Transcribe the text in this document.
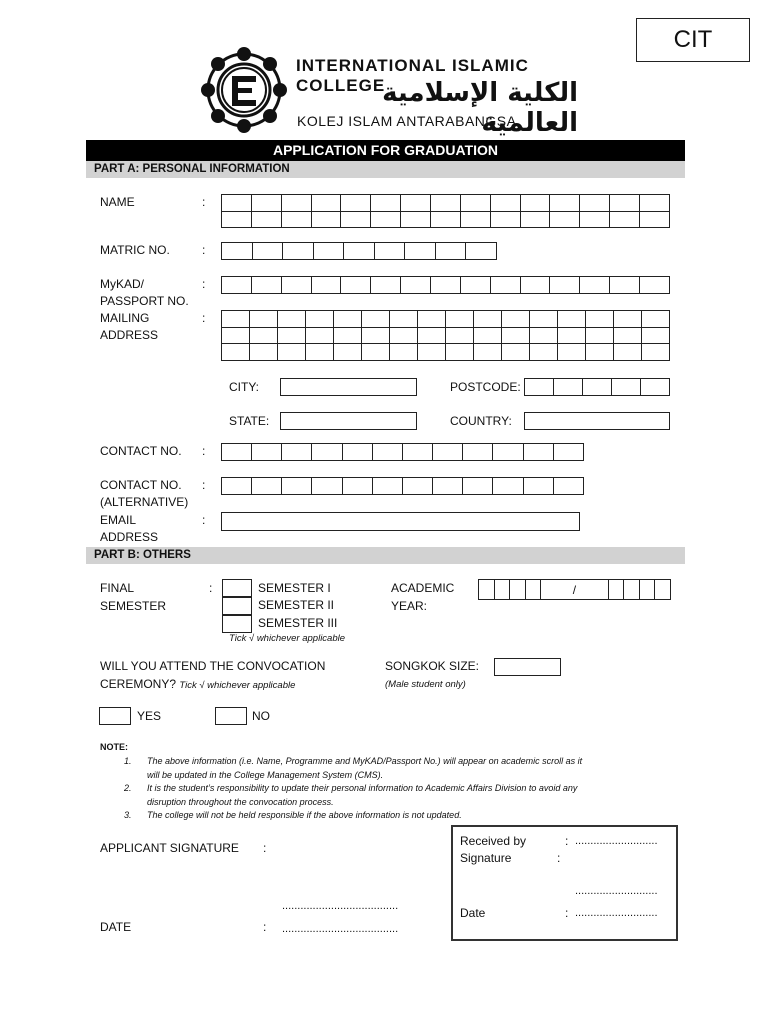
CIT
INTERNATIONAL ISLAMIC COLLEGE
الكلية الإسلامية العالمية
KOLEJ ISLAM ANTARABANGSA
APPLICATION FOR GRADUATION
PART A: PERSONAL INFORMATION
NAME	:

MATRIC NO.	:

MyKAD/
PASSPORT NO.
:

MAILING
ADDRESS
:

CITY:	POSTCODE:

STATE:	COUNTRY:
CONTACT NO. :

CONTACT NO.
(ALTERNATIVE)
:

EMAIL
ADDRESS
:
PART B: OTHERS
FINAL
SEMESTER
:	SEMESTER I
SEMESTER II
SEMESTER III
Tick √ whichever applicable
ACADEMIC
YEAR:
				/				
WILL YOU ATTEND THE CONVOCATION
CEREMONY? Tick √ whichever applicable
SONGKOK SIZE:
(Male student only)
YES	NO
NOTE:
1.	The above information (i.e. Name, Programme and MyKAD/Passport No.) will appear on academic scroll as it
will be updated in the College Management System (CMS).
2.	It is the student’s responsibility to update their personal information to Academic Affairs Division to avoid any
disruption throughout the convocation process.
3.	The college will not be held responsible if the above information is not updated.
APPLICANT SIGNATURE :
......................................
DATE	: ......................................
Received by	: ...........................
Signature	:
...........................
Date	: ...........................
